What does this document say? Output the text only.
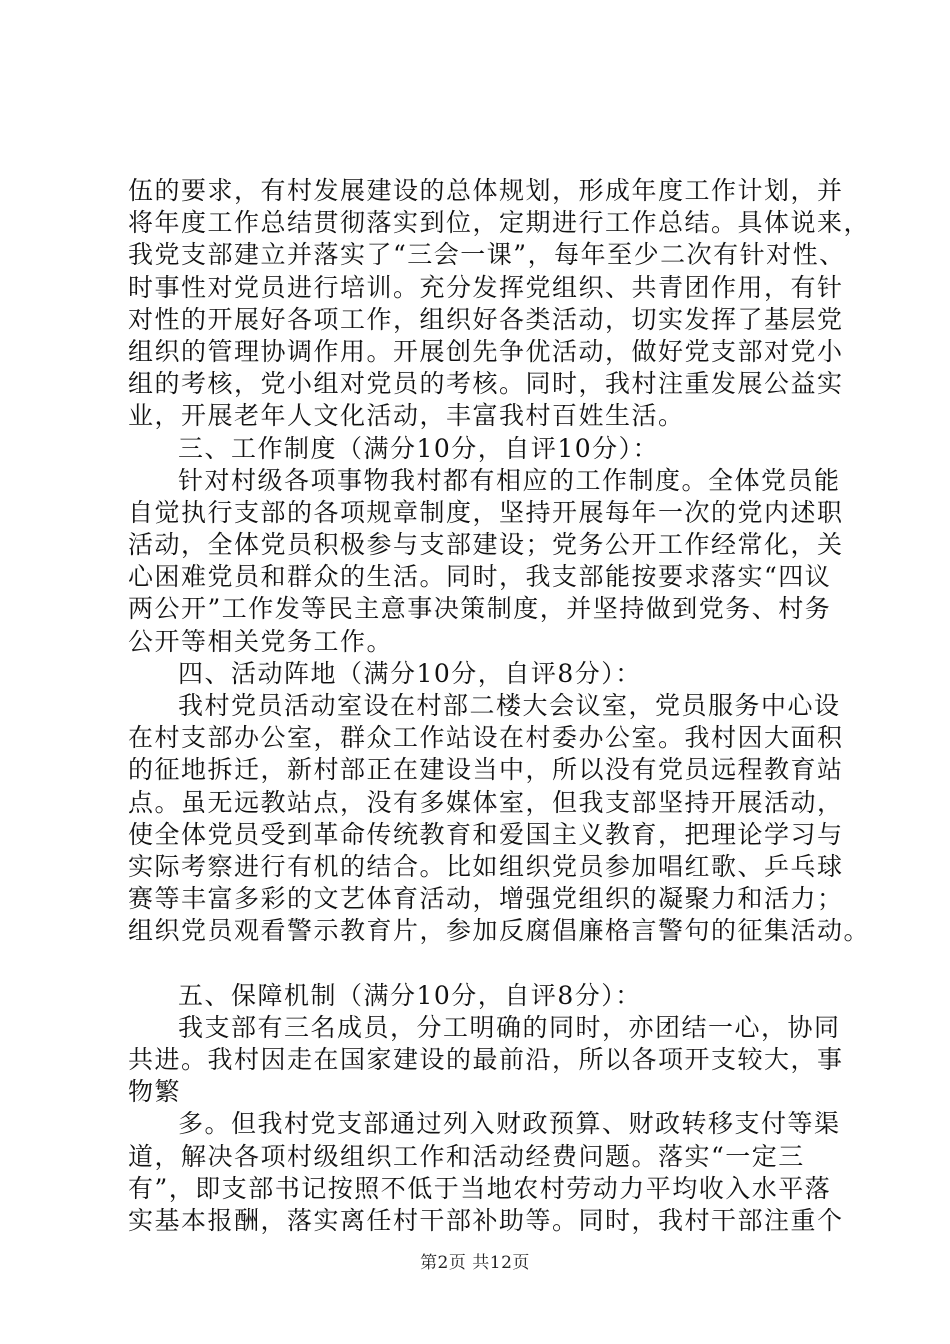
伍的要求，有村发展建设的总体规划，形成年度工作计划，并
将年度工作总结贯彻落实到位，定期进行工作总结。具体说来，
我党支部建立并落实了“三会一课”，每年至少二次有针对性、
时事性对党员进行培训。充分发挥党组织、共青团作用，有针
对性的开展好各项工作，组织好各类活动，切实发挥了基层党
组织的管理协调作用。开展创先争优活动，做好党支部对党小
组的考核，党小组对党员的考核。同时，我村注重发展公益实
业，开展老年人文化活动，丰富我村百姓生活。
三、工作制度（满分10分，自评10分）：
针对村级各项事物我村都有相应的工作制度。全体党员能
自觉执行支部的各项规章制度，坚持开展每年一次的党内述职
活动，全体党员积极参与支部建设；党务公开工作经常化，关
心困难党员和群众的生活。同时，我支部能按要求落实“四议
两公开”工作发等民主意事决策制度，并坚持做到党务、村务
公开等相关党务工作。
四、活动阵地（满分10分，自评8分）：
我村党员活动室设在村部二楼大会议室，党员服务中心设
在村支部办公室，群众工作站设在村委办公室。我村因大面积
的征地拆迁，新村部正在建设当中，所以没有党员远程教育站
点。虽无远教站点，没有多媒体室，但我支部坚持开展活动，
使全体党员受到革命传统教育和爱国主义教育，把理论学习与
实际考察进行有机的结合。比如组织党员参加唱红歌、乒乓球
赛等丰富多彩的文艺体育活动，增强党组织的凝聚力和活力；
组织党员观看警示教育片，参加反腐倡廉格言警句的征集活动。
五、保障机制（满分10分，自评8分）：
我支部有三名成员，分工明确的同时，亦团结一心，协同
共进。我村因走在国家建设的最前沿，所以各项开支较大，事
物繁
多。但我村党支部通过列入财政预算、财政转移支付等渠
道，解决各项村级组织工作和活动经费问题。落实“一定三
有”，即支部书记按照不低于当地农村劳动力平均收入水平落
实基本报酬，落实离任村干部补助等。同时，我村干部注重个
第2页 共12页
